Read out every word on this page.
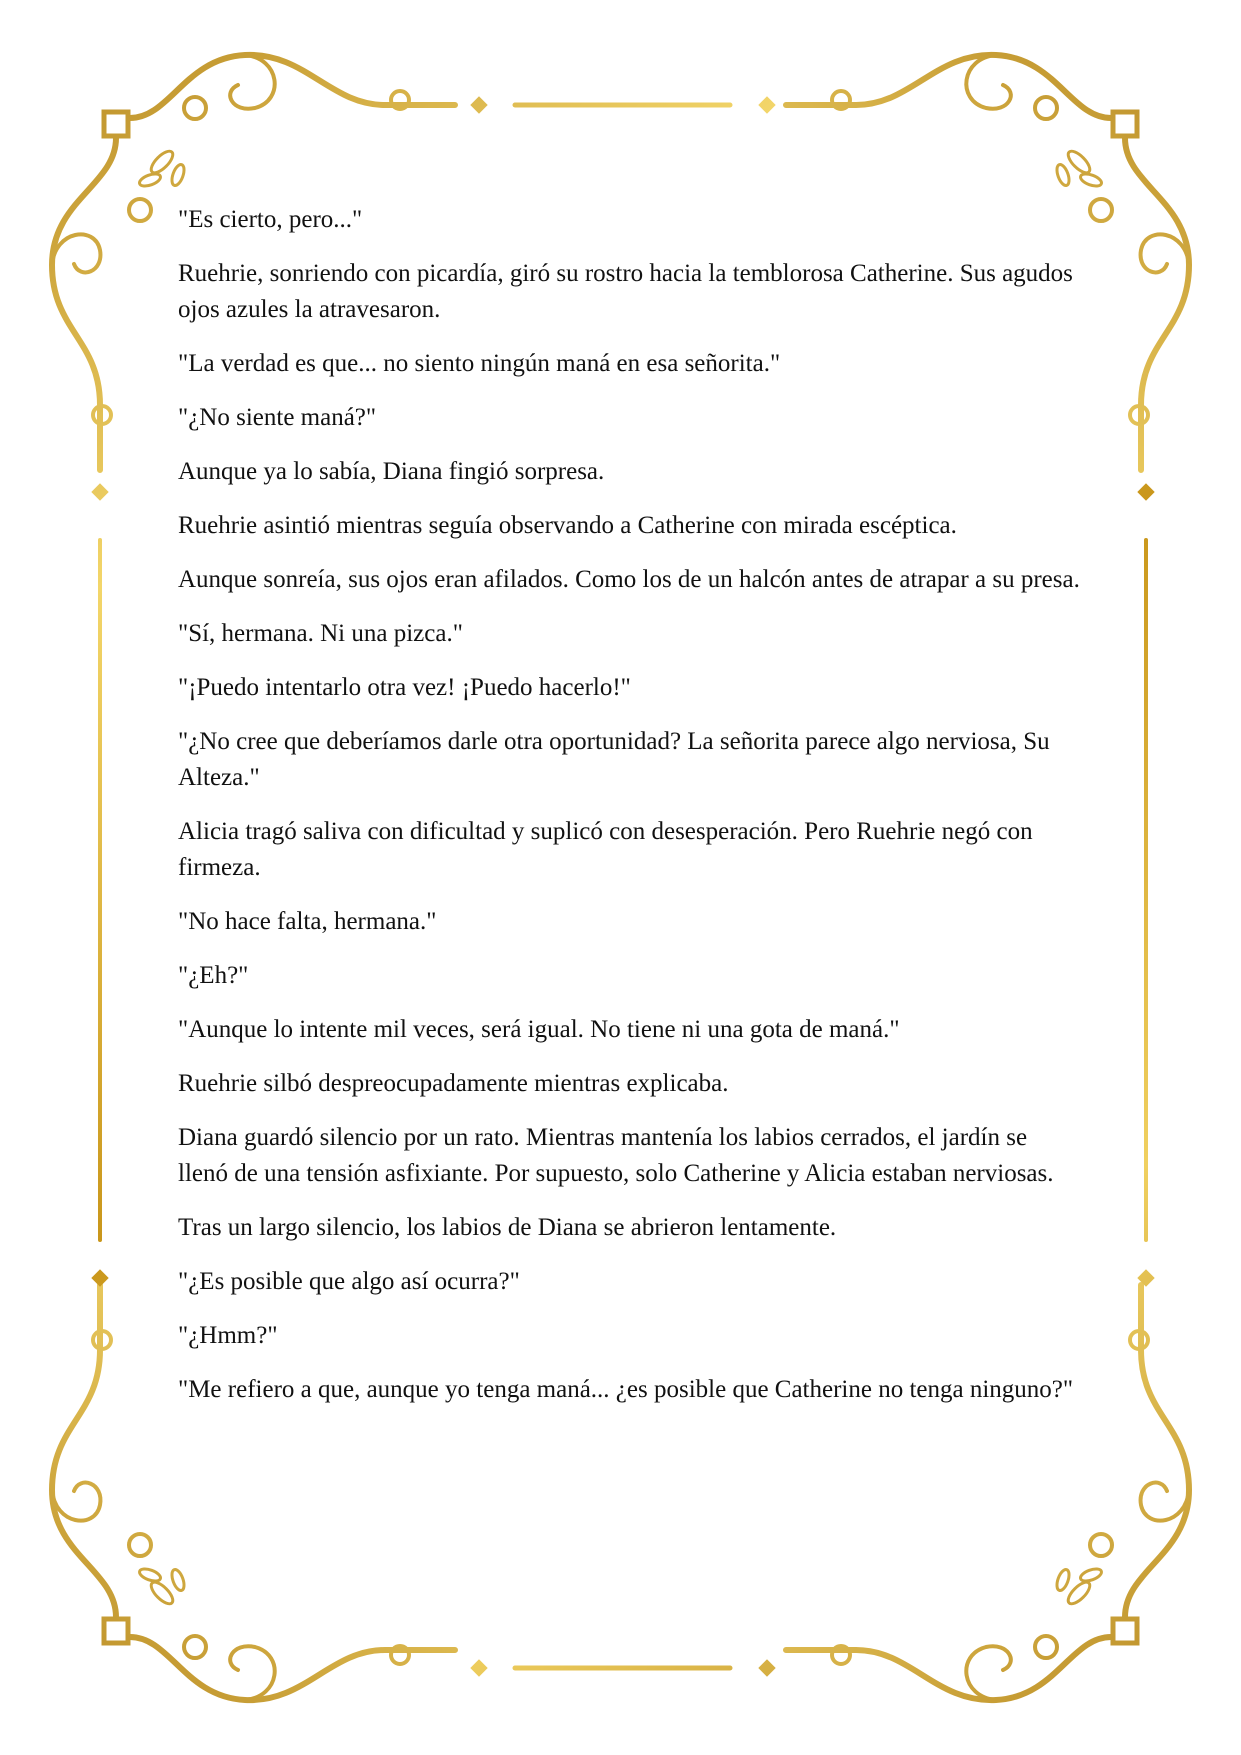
"Es cierto, pero..."

Ruehrie, sonriendo con picardía, giró su rostro hacia la temblorosa Catherine. Sus agudos ojos azules la atravesaron.

"La verdad es que... no siento ningún maná en esa señorita."

"¿No siente maná?"

Aunque ya lo sabía, Diana fingió sorpresa.

Ruehrie asintió mientras seguía observando a Catherine con mirada escéptica.

Aunque sonreía, sus ojos eran afilados. Como los de un halcón antes de atrapar a su presa.

"Sí, hermana. Ni una pizca."

"¡Puedo intentarlo otra vez! ¡Puedo hacerlo!"

"¿No cree que deberíamos darle otra oportunidad? La señorita parece algo nerviosa, Su Alteza."

Alicia tragó saliva con dificultad y suplicó con desesperación. Pero Ruehrie negó con firmeza.

"No hace falta, hermana."

"¿Eh?"

"Aunque lo intente mil veces, será igual. No tiene ni una gota de maná."

Ruehrie silbó despreocupadamente mientras explicaba.

Diana guardó silencio por un rato. Mientras mantenía los labios cerrados, el jardín se llenó de una tensión asfixiante. Por supuesto, solo Catherine y Alicia estaban nerviosas.

Tras un largo silencio, los labios de Diana se abrieron lentamente.

"¿Es posible que algo así ocurra?"

"¿Hmm?"

"Me refiero a que, aunque yo tenga maná... ¿es posible que Catherine no tenga ninguno?"
